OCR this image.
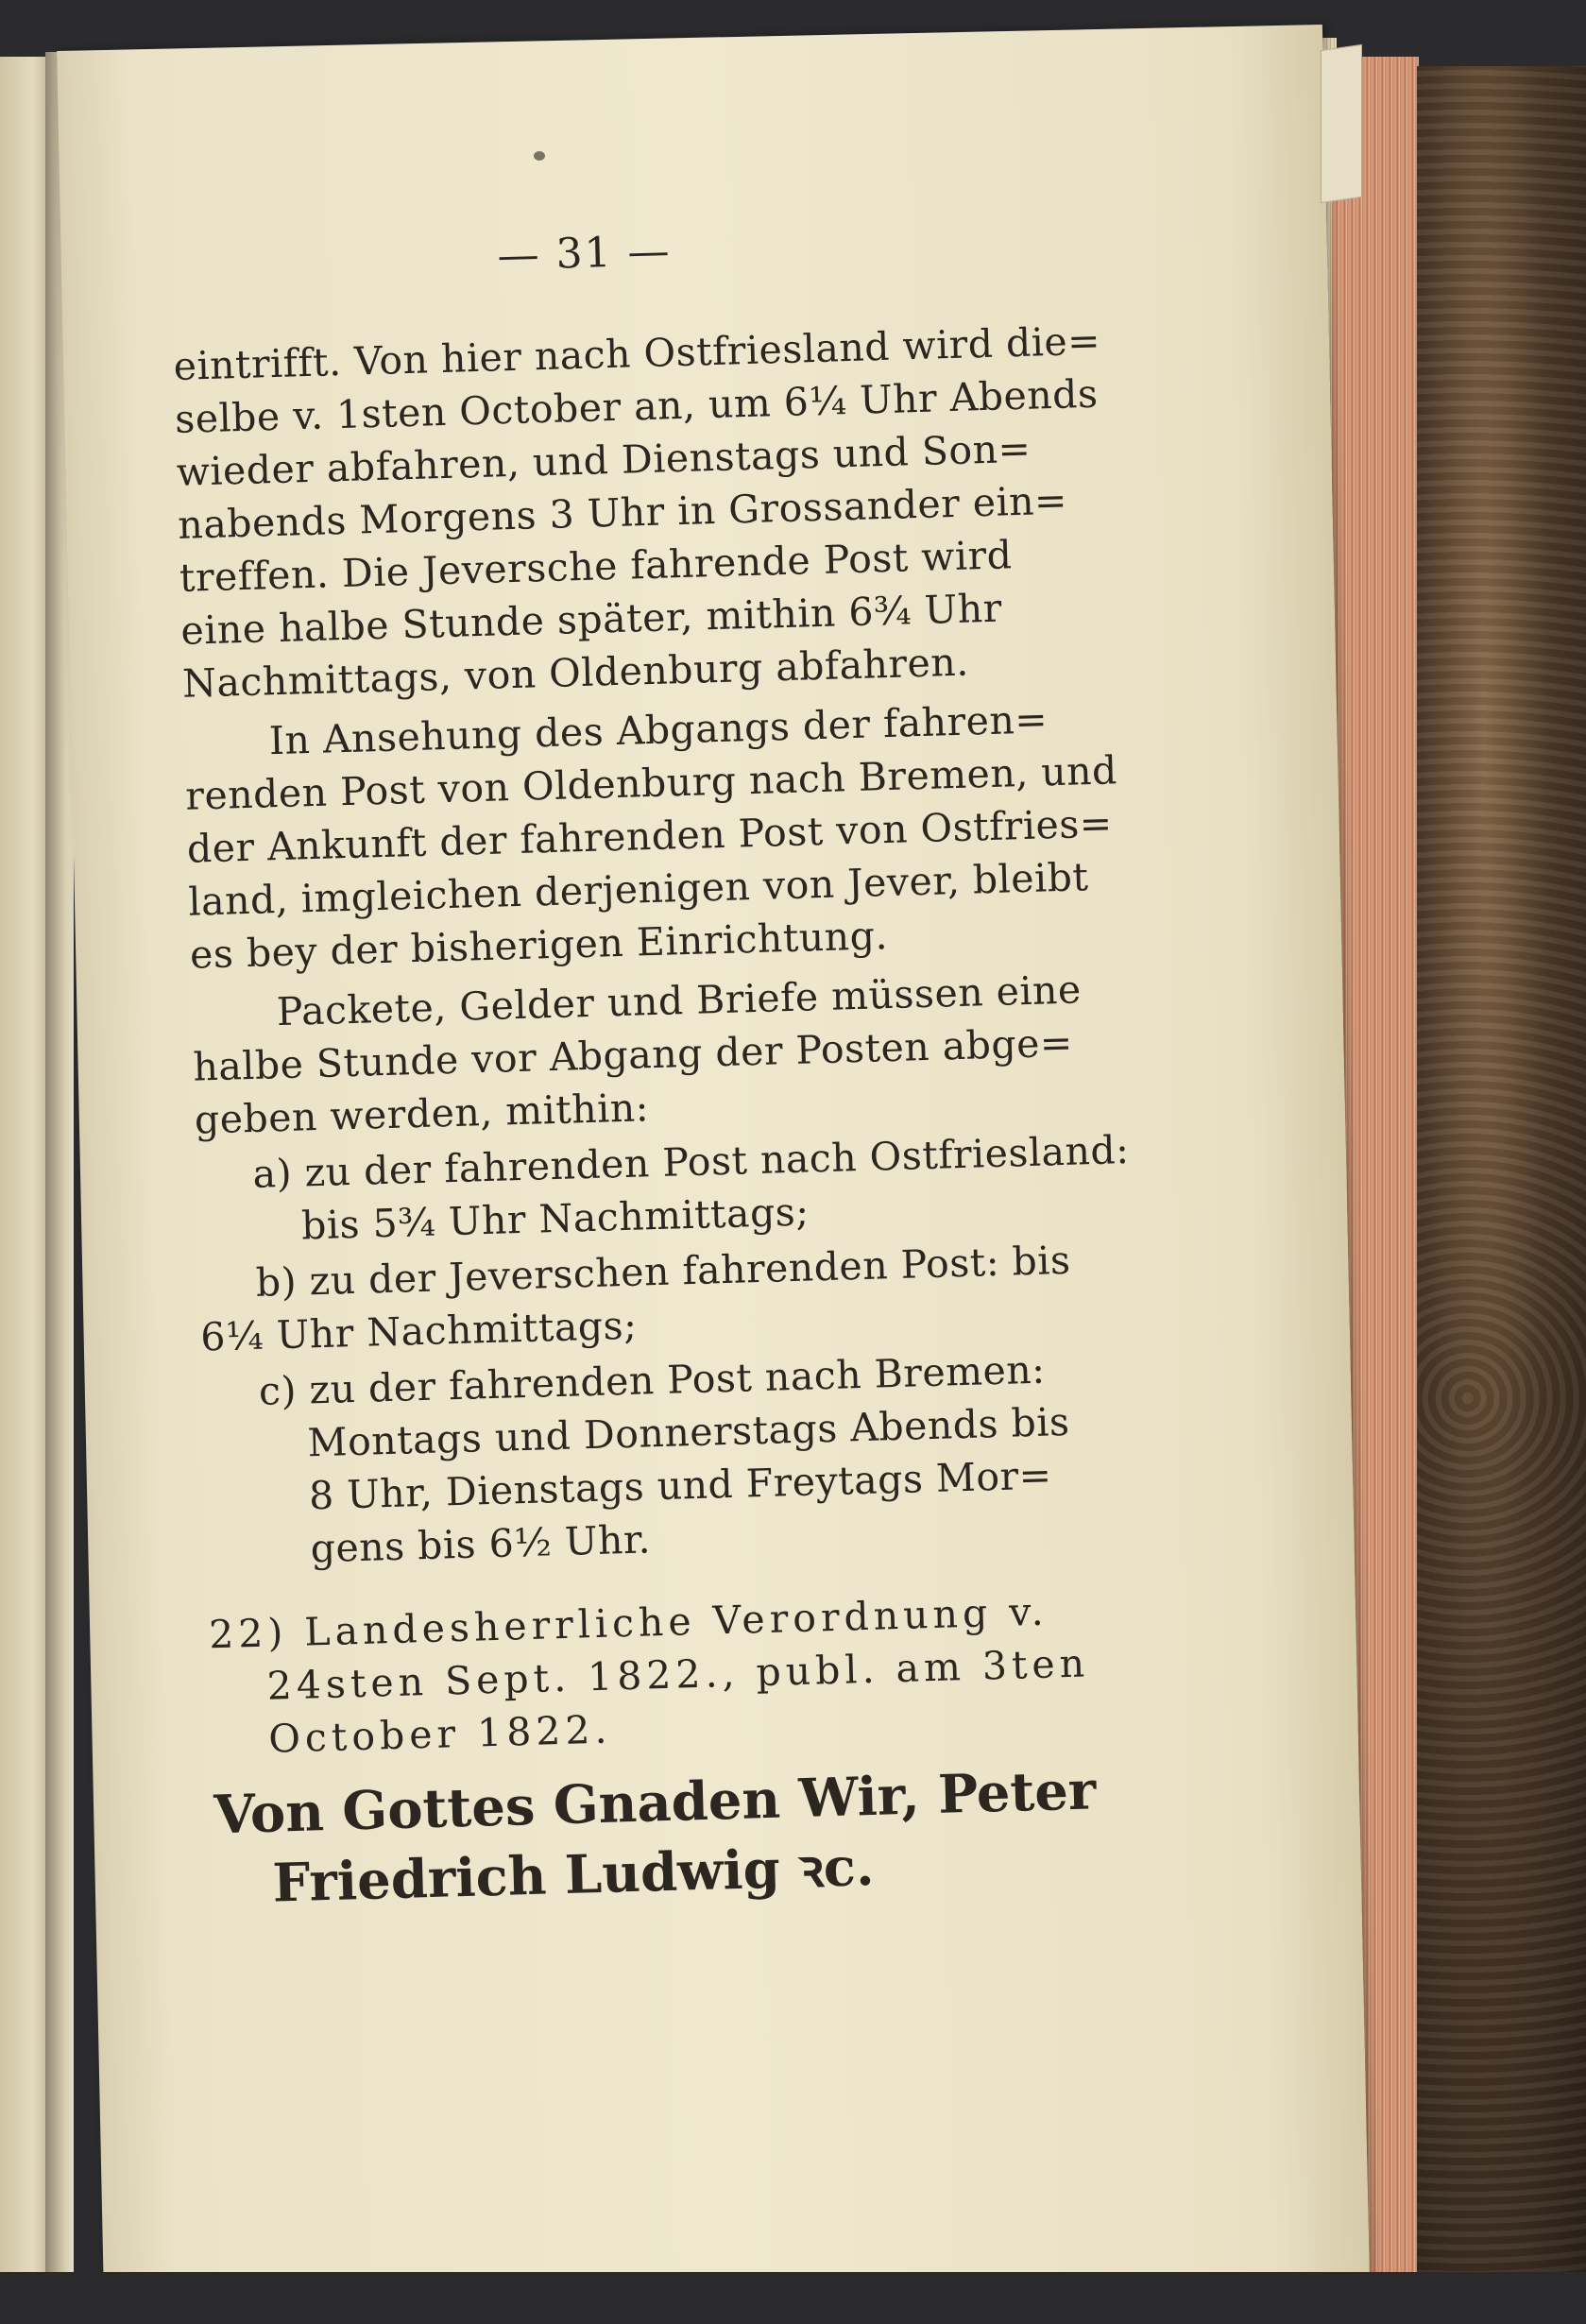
— 31 —
eintrifft. Von hier nach Ostfriesland wird die=
selbe v. 1sten October an, um 6¼ Uhr Abends
wieder abfahren, und Dienstags und Son=
nabends Morgens 3 Uhr in Grossander ein=
treffen. Die Jeversche fahrende Post wird
eine halbe Stunde später, mithin 6¾ Uhr
Nachmittags, von Oldenburg abfahren.
In Ansehung des Abgangs der fahren=
renden Post von Oldenburg nach Bremen, und
der Ankunft der fahrenden Post von Ostfries=
land, imgleichen derjenigen von Jever, bleibt
es bey der bisherigen Einrichtung.
Packete, Gelder und Briefe müssen eine
halbe Stunde vor Abgang der Posten abge=
geben werden, mithin:
a) zu der fahrenden Post nach Ostfriesland:
bis 5¾ Uhr Nachmittags;
b) zu der Jeverschen fahrenden Post: bis
6¼ Uhr Nachmittags;
c) zu der fahrenden Post nach Bremen:
Montags und Donnerstags Abends bis
8 Uhr, Dienstags und Freytags Mor=
gens bis 6½ Uhr.
22) Landesherrliche Verordnung v.
24sten Sept. 1822., publ. am 3ten
October 1822.
Von Gottes Gnaden Wir, Peter
Friedrich Ludwig ꝛc.
